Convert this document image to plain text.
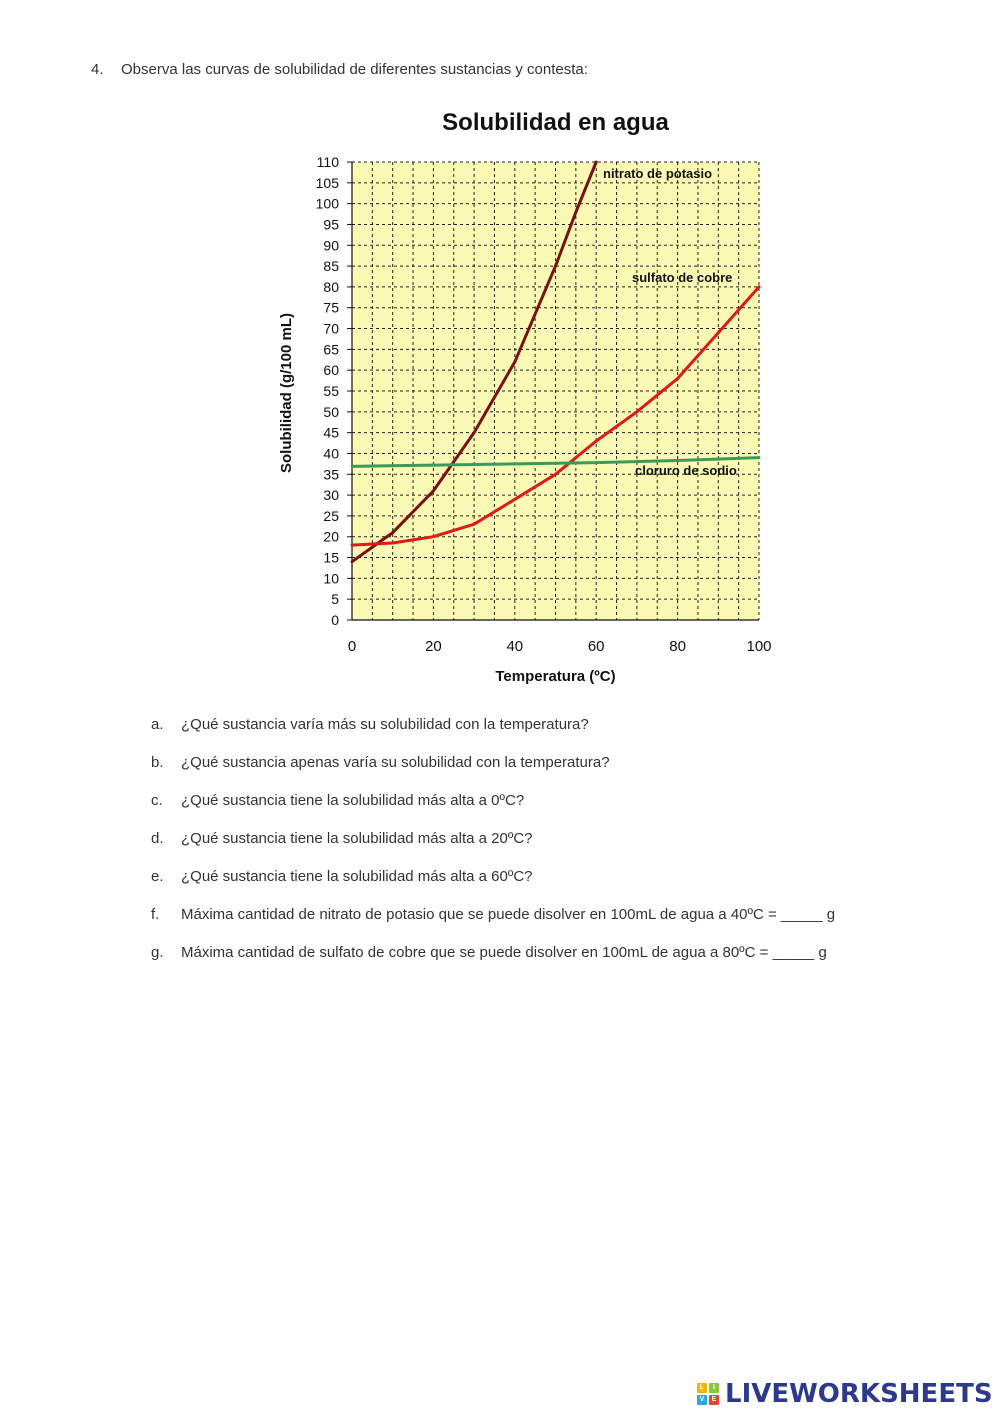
4. Observa las curvas de solubilidad de diferentes sustancias y contesta:
Solubilidad en agua
0
5
10
15
20
25
30
35
40
45
50
55
60
65
70
75
80
85
90
95
100
105
110
0	20	40	60	80	100
Temperatura (ºC)
Solubilidad (g/100 mL)
nitrato de potasio
sulfato de cobre
cloruro de sodio
a.	¿Qué sustancia varía más su solubilidad con la temperatura?
b.	¿Qué sustancia apenas varía su solubilidad con la temperatura?
c.	¿Qué sustancia tiene la solubilidad más alta a 0ºC?
d.	¿Qué sustancia tiene la solubilidad más alta a 20ºC?
e.	¿Qué sustancia tiene la solubilidad más alta a 60ºC?
f.	Máxima cantidad de nitrato de potasio que se puede disolver en 100mL de agua a 40ºC = _____ g
g.	Máxima cantidad de sulfato de cobre que se puede disolver en 100mL de agua a 80ºC = _____ g
L	I
V	E LIVEWORKSHEETS
